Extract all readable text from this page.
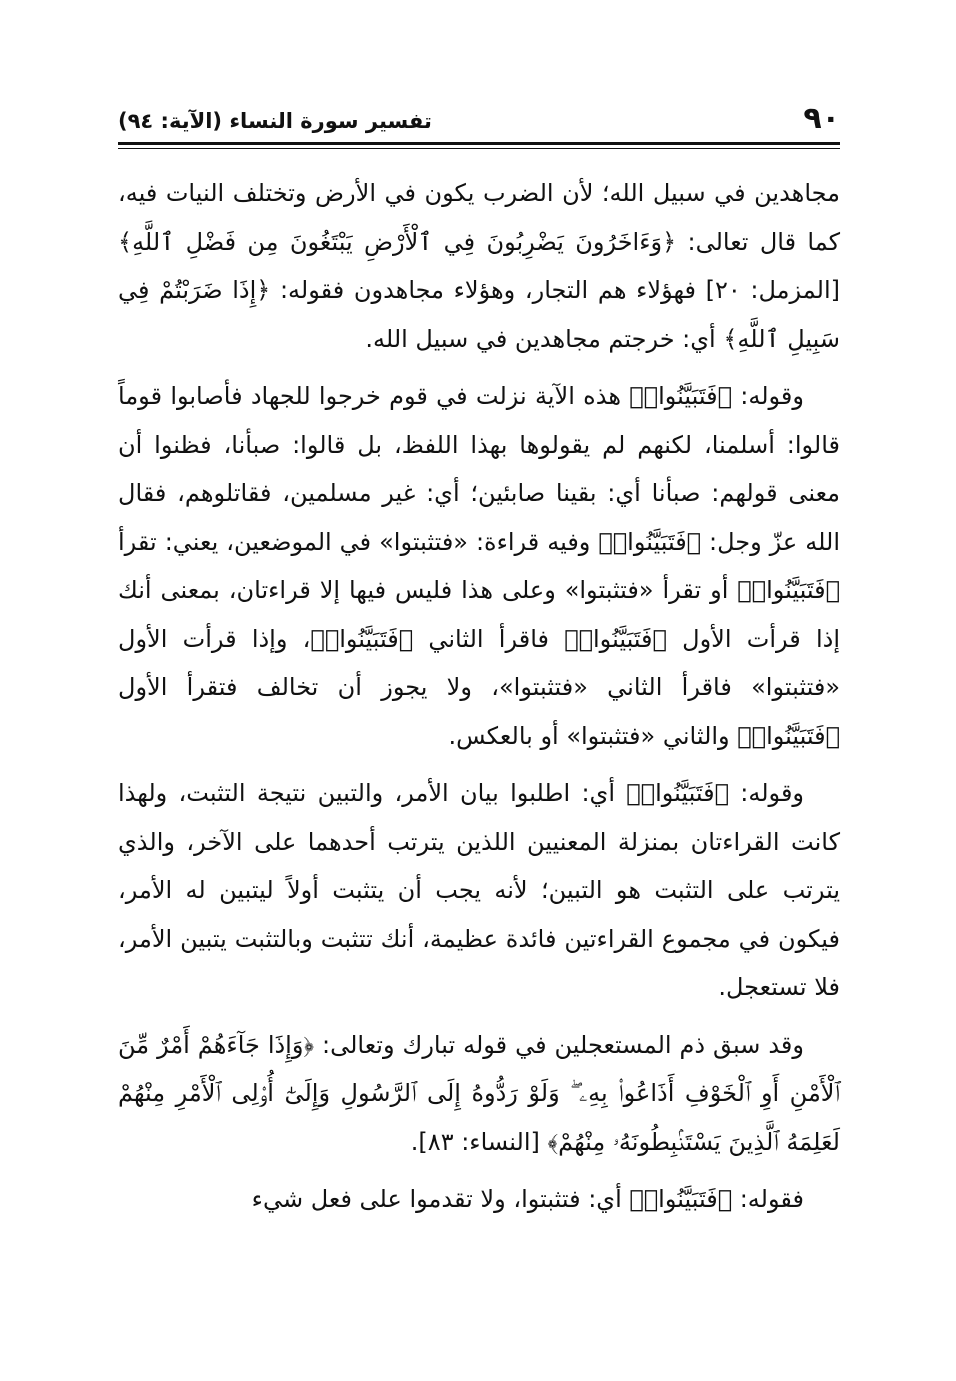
٩٠
تفسير سورة النساء (الآية: ٩٤)

مجاهدين في سبيل الله؛ لأن الضرب يكون في الأرض وتختلف النيات فيه، كما قال تعالى: ﴿وَءَاخَرُونَ يَضْرِبُونَ فِي ٱلْأَرْضِ يَبْتَغُونَ مِن فَضْلِ ٱللَّهِ﴾ [المزمل: ٢٠] فهؤلاء هم التجار، وهؤلاء مجاهدون فقوله: ﴿إِذَا ضَرَبْتُمْ فِي سَبِيلِ ٱللَّهِ﴾ أي: خرجتم مجاهدين في سبيل الله.

وقوله: ﴿فَتَبَيَّنُوا۟﴾ هذه الآية نزلت في قوم خرجوا للجهاد فأصابوا قوماً قالوا: أسلمنا، لكنهم لم يقولوها بهذا اللفظ، بل قالوا: صبأنا، فظنوا أن معنى قولهم: صبأنا أي: بقينا صابئين؛ أي: غير مسلمين، فقاتلوهم، فقال الله عزّ وجل: ﴿فَتَبَيَّنُوا۟﴾ وفيه قراءة: «فتثبتوا» في الموضعين، يعني: تقرأ ﴿فَتَبَيَّنُوا۟﴾ أو تقرأ «فتثبتوا» وعلى هذا فليس فيها إلا قراءتان، بمعنى أنك إذا قرأت الأول ﴿فَتَبَيَّنُوا۟﴾ فاقرأ الثاني ﴿فَتَبَيَّنُوا۟﴾، وإذا قرأت الأول «فتثبتوا» فاقرأ الثاني «فتثبتوا»، ولا يجوز أن تخالف فتقرأ الأول ﴿فَتَبَيَّنُوا۟﴾ والثاني «فتثبتوا» أو بالعكس.

وقوله: ﴿فَتَبَيَّنُوا۟﴾ أي: اطلبوا بيان الأمر، والتبين نتيجة التثبت، ولهذا كانت القراءتان بمنزلة المعنيين اللذين يترتب أحدهما على الآخر، والذي يترتب على التثبت هو التبين؛ لأنه يجب أن يتثبت أولاً ليتبين له الأمر، فيكون في مجموع القراءتين فائدة عظيمة، أنك تتثبت وبالتثبت يتبين الأمر، فلا تستعجل.

وقد سبق ذم المستعجلين في قوله تبارك وتعالى: ﴿وَإِذَا جَآءَهُمْ أَمْرٌ مِّنَ ٱلْأَمْنِ أَوِ ٱلْخَوْفِ أَذَاعُوا۟ بِهِۦ ۖ وَلَوْ رَدُّوهُ إِلَى ٱلرَّسُولِ وَإِلَىٰٓ أُو۟لِى ٱلْأَمْرِ مِنْهُمْ لَعَلِمَهُ ٱلَّذِينَ يَسْتَنۢبِطُونَهُۥ مِنْهُمْ﴾ [النساء: ٨٣].

فقوله: ﴿فَتَبَيَّنُوا۟﴾ أي: فتثبتوا، ولا تقدموا على فعل شيء
